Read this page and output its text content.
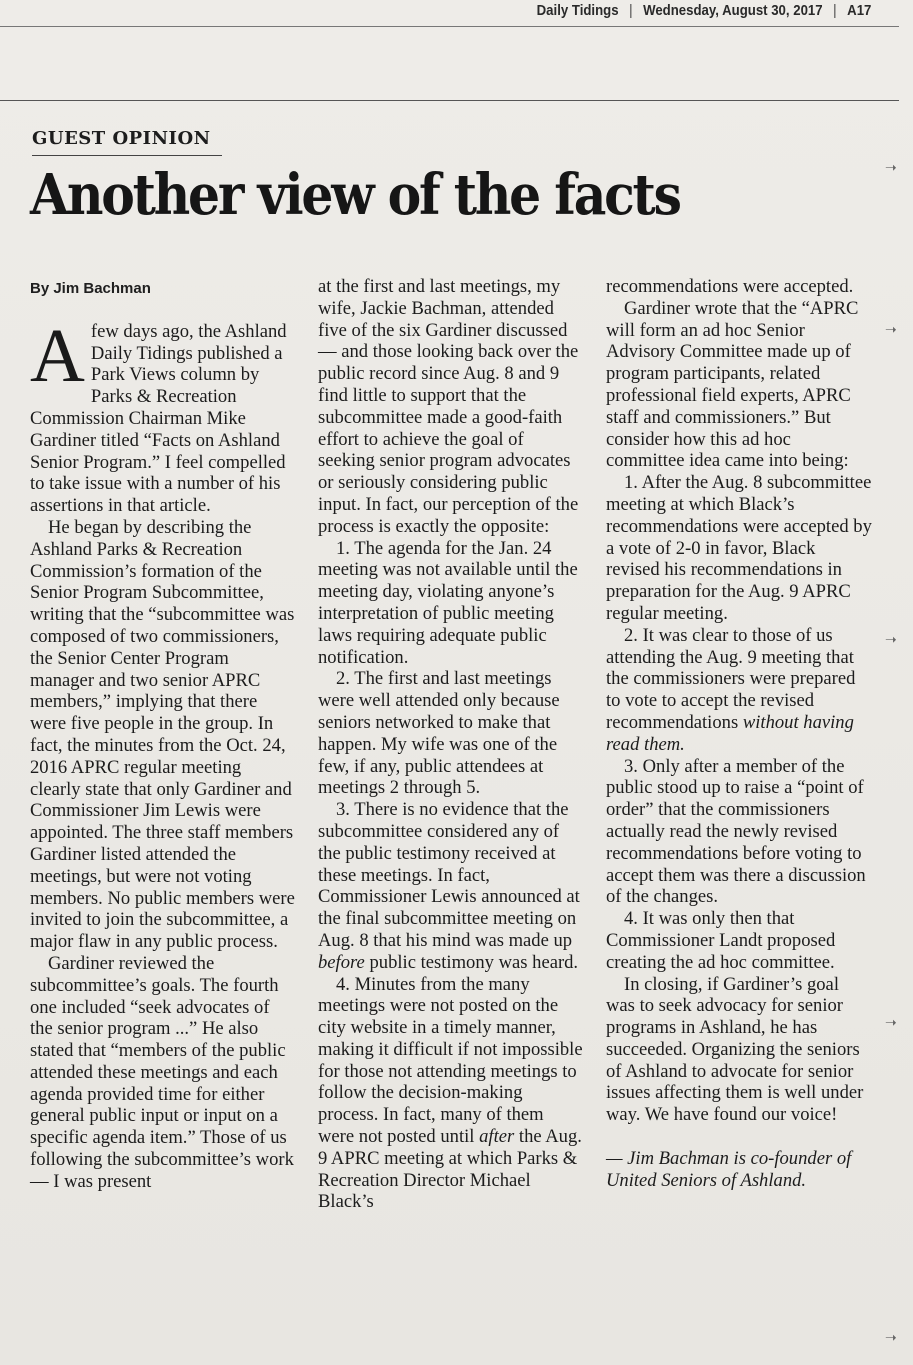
Daily Tidings | Wednesday, August 30, 2017 | A17
GUEST OPINION
Another view of the facts
By Jim Bachman

Afew days ago, the Ashland Daily Tidings published a Park Views column by Parks & Recreation Commission Chairman Mike Gardiner titled “Facts on Ashland Senior Program.” I feel compelled to take issue with a number of his assertions in that article.

He began by describing the Ashland Parks & Recreation Commission’s formation of the Senior Program Subcommittee, writing that the “subcommittee was composed of two commissioners, the Senior Center Program manager and two senior APRC members,” implying that there were five people in the group. In fact, the minutes from the Oct. 24, 2016 APRC regular meeting clearly state that only Gardiner and Commissioner Jim Lewis were appointed. The three staff members Gardiner listed attended the meetings, but were not voting members. No public members were invited to join the subcommittee, a major flaw in any public process.

Gardiner reviewed the subcommittee’s goals. The fourth one included “seek advocates of the senior program ...” He also stated that “members of the public attended these meetings and each agenda provided time for either general public input or input on a specific agenda item.” Those of us following the subcommittee’s work — I was present

at the first and last meetings, my wife, Jackie Bachman, attended five of the six Gardiner discussed — and those looking back over the public record since Aug. 8 and 9 find little to support that the subcommittee made a good-faith effort to achieve the goal of seeking senior program advocates or seriously considering public input. In fact, our perception of the process is exactly the opposite:

1. The agenda for the Jan. 24 meeting was not available until the meeting day, violating anyone’s interpretation of public meeting laws requiring adequate public notification.

2. The first and last meetings were well attended only because seniors networked to make that happen. My wife was one of the few, if any, public attendees at meetings 2 through 5.

3. There is no evidence that the subcommittee considered any of the public testimony received at these meetings. In fact, Commissioner Lewis announced at the final subcommittee meeting on Aug. 8 that his mind was made up before public testimony was heard.

4. Minutes from the many meetings were not posted on the city website in a timely manner, making it difficult if not impossible for those not attending meetings to follow the decision-making process. In fact, many of them were not posted until after the Aug. 9 APRC meeting at which Parks & Recreation Director Michael Black’s

recommendations were accepted.

Gardiner wrote that the “APRC will form an ad hoc Senior Advisory Committee made up of program participants, related professional field experts, APRC staff and commissioners.” But consider how this ad hoc committee idea came into being:

1. After the Aug. 8 subcommittee meeting at which Black’s recommendations were accepted by a vote of 2-0 in favor, Black revised his recommendations in preparation for the Aug. 9 APRC regular meeting.

2. It was clear to those of us attending the Aug. 9 meeting that the commissioners were prepared to vote to accept the revised recommendations without having read them.

3. Only after a member of the public stood up to raise a “point of order” that the commissioners actually read the newly revised recommendations before voting to accept them was there a discussion of the changes.

4. It was only then that Commissioner Landt proposed creating the ad hoc committee.

In closing, if Gardiner’s goal was to seek advocacy for senior programs in Ashland, he has succeeded. Organizing the seniors of Ashland to advocate for senior issues affecting them is well under way. We have found our voice!

— Jim Bachman is co-founder of United Seniors of Ashland.

➝
➝
➝
➝
➝
